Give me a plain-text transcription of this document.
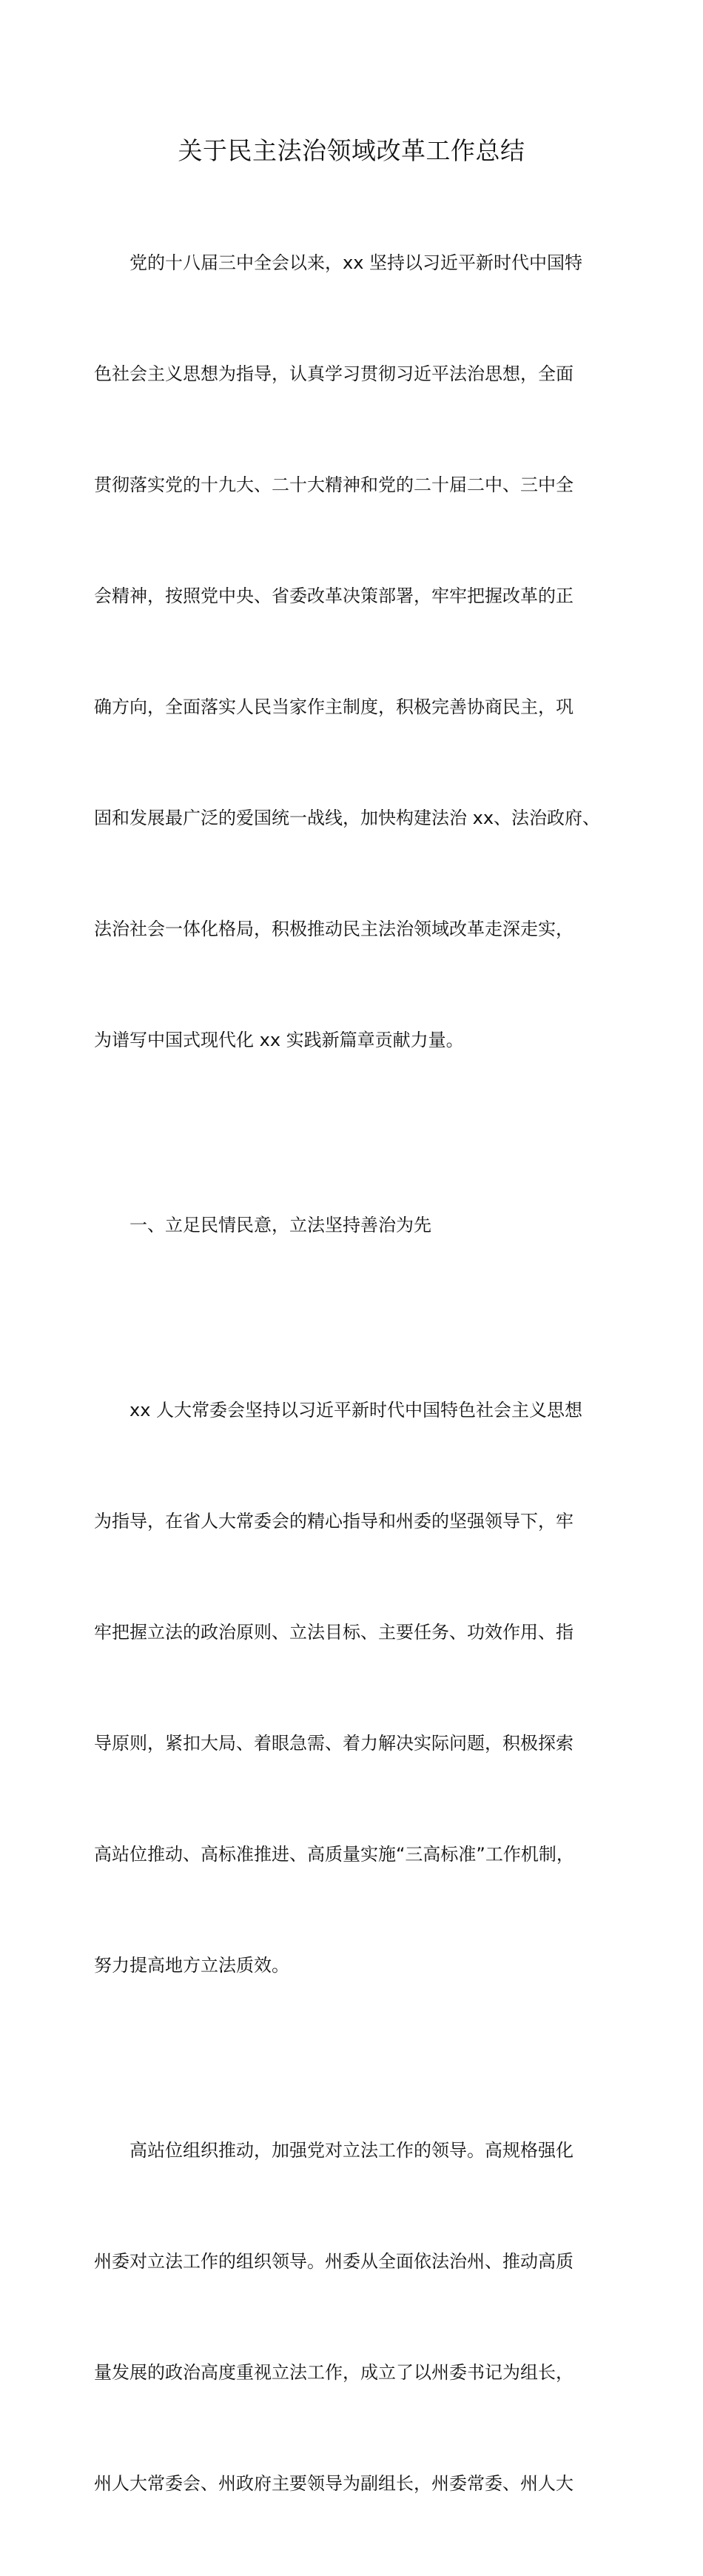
关于民主法治领域改革工作总结

　　党的十八届三中全会以来，xx 坚持以习近平新时代中国特

色社会主义思想为指导，认真学习贯彻习近平法治思想，全面

贯彻落实党的十九大、二十大精神和党的二十届二中、三中全

会精神，按照党中央、省委改革决策部署，牢牢把握改革的正

确方向，全面落实人民当家作主制度，积极完善协商民主，巩

固和发展最广泛的爱国统一战线，加快构建法治 xx、法治政府、

法治社会一体化格局，积极推动民主法治领域改革走深走实，

为谱写中国式现代化 xx 实践新篇章贡献力量。

　　一、立足民情民意，立法坚持善治为先

　　xx 人大常委会坚持以习近平新时代中国特色社会主义思想

为指导，在省人大常委会的精心指导和州委的坚强领导下，牢

牢把握立法的政治原则、立法目标、主要任务、功效作用、指

导原则，紧扣大局、着眼急需、着力解决实际问题，积极探索

高站位推动、高标准推进、高质量实施“三高标准”工作机制，

努力提高地方立法质效。

　　高站位组织推动，加强党对立法工作的领导。高规格强化

州委对立法工作的组织领导。州委从全面依法治州、推动高质

量发展的政治高度重视立法工作，成立了以州委书记为组长，

州人大常委会、州政府主要领导为副组长，州委常委、州人大
